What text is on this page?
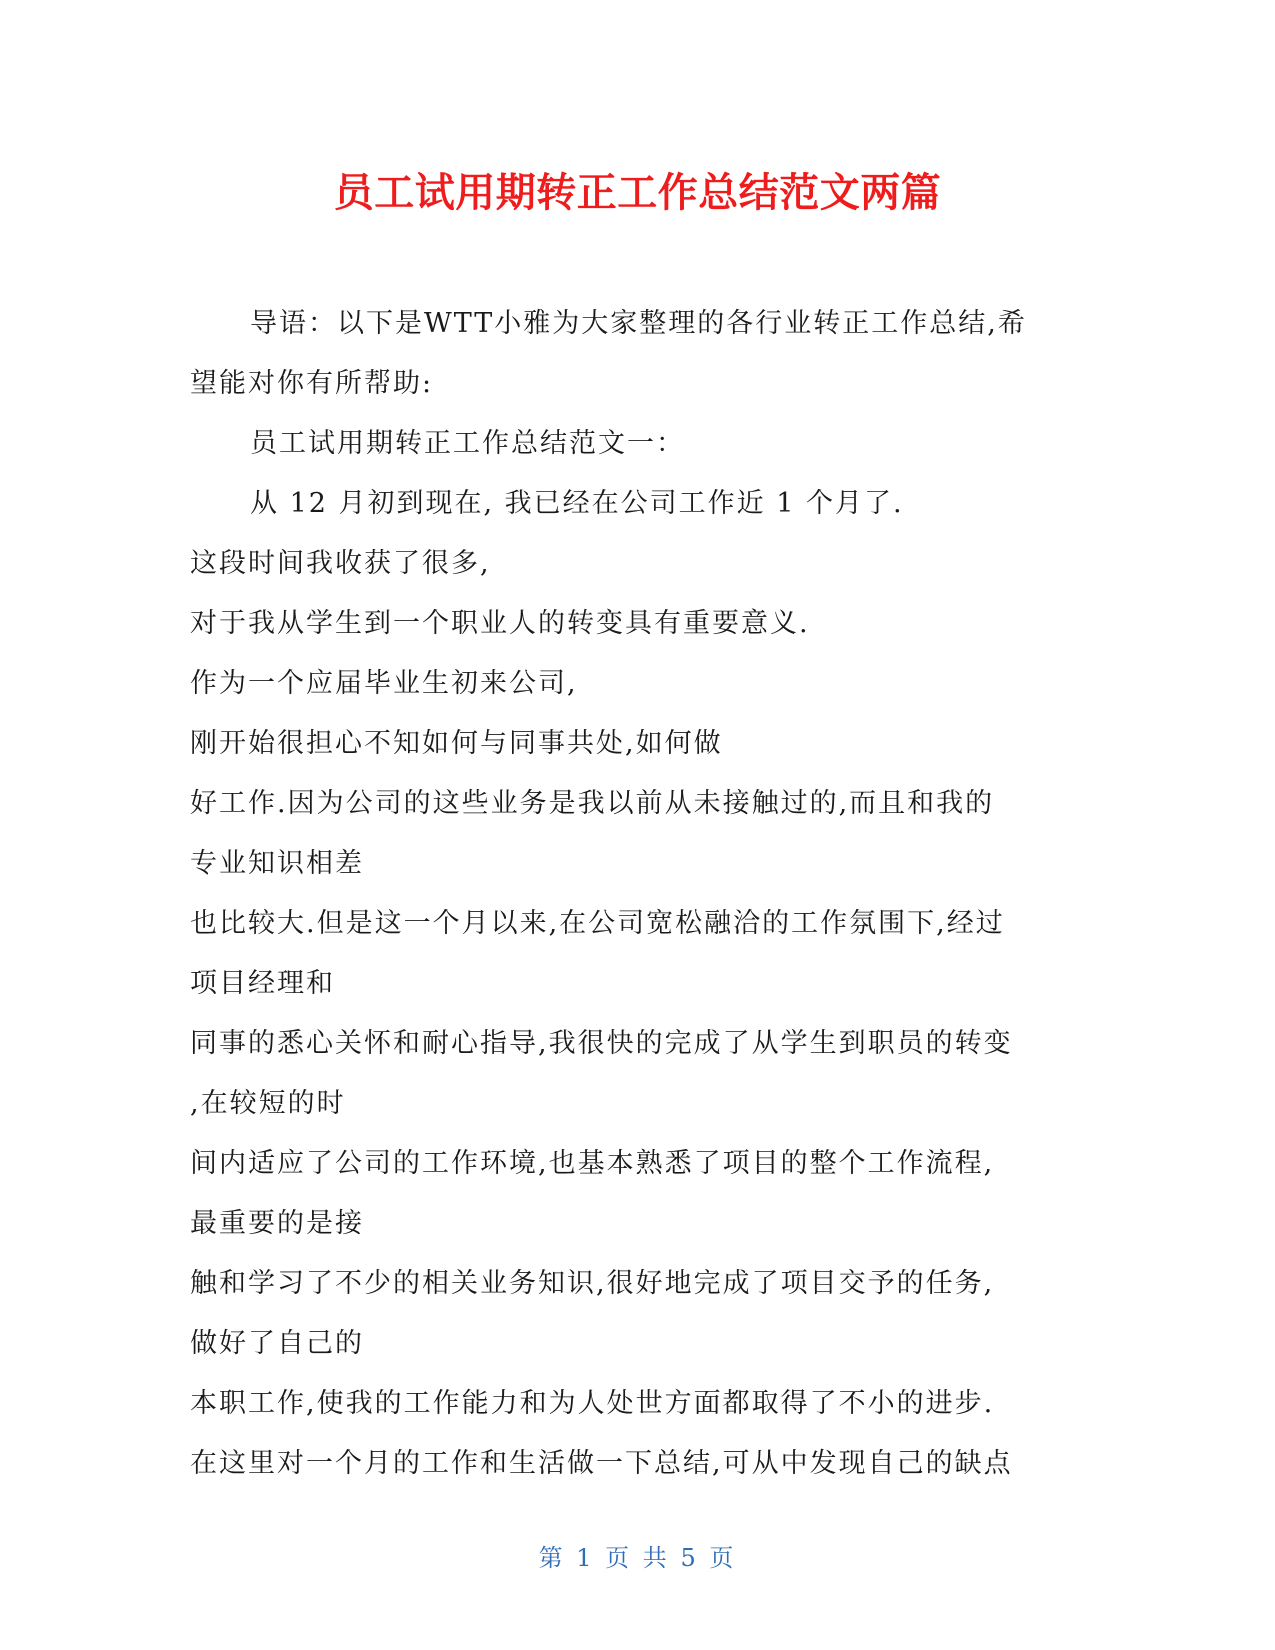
员工试用期转正工作总结范文两篇
导语：以下是WTT小雅为大家整理的各行业转正工作总结,希
望能对你有所帮助:
员工试用期转正工作总结范文一：
从 12 月初到现在, 我已经在公司工作近 1 个月了.
这段时间我收获了很多,
对于我从学生到一个职业人的转变具有重要意义.
作为一个应届毕业生初来公司,
刚开始很担心不知如何与同事共处,如何做
好工作.因为公司的这些业务是我以前从未接触过的,而且和我的
专业知识相差
也比较大.但是这一个月以来,在公司宽松融洽的工作氛围下,经过
项目经理和
同事的悉心关怀和耐心指导,我很快的完成了从学生到职员的转变
,在较短的时
间内适应了公司的工作环境,也基本熟悉了项目的整个工作流程,
最重要的是接
触和学习了不少的相关业务知识,很好地完成了项目交予的任务,
做好了自己的
本职工作,使我的工作能力和为人处世方面都取得了不小的进步.
在这里对一个月的工作和生活做一下总结,可从中发现自己的缺点
第 1 页 共 5 页
